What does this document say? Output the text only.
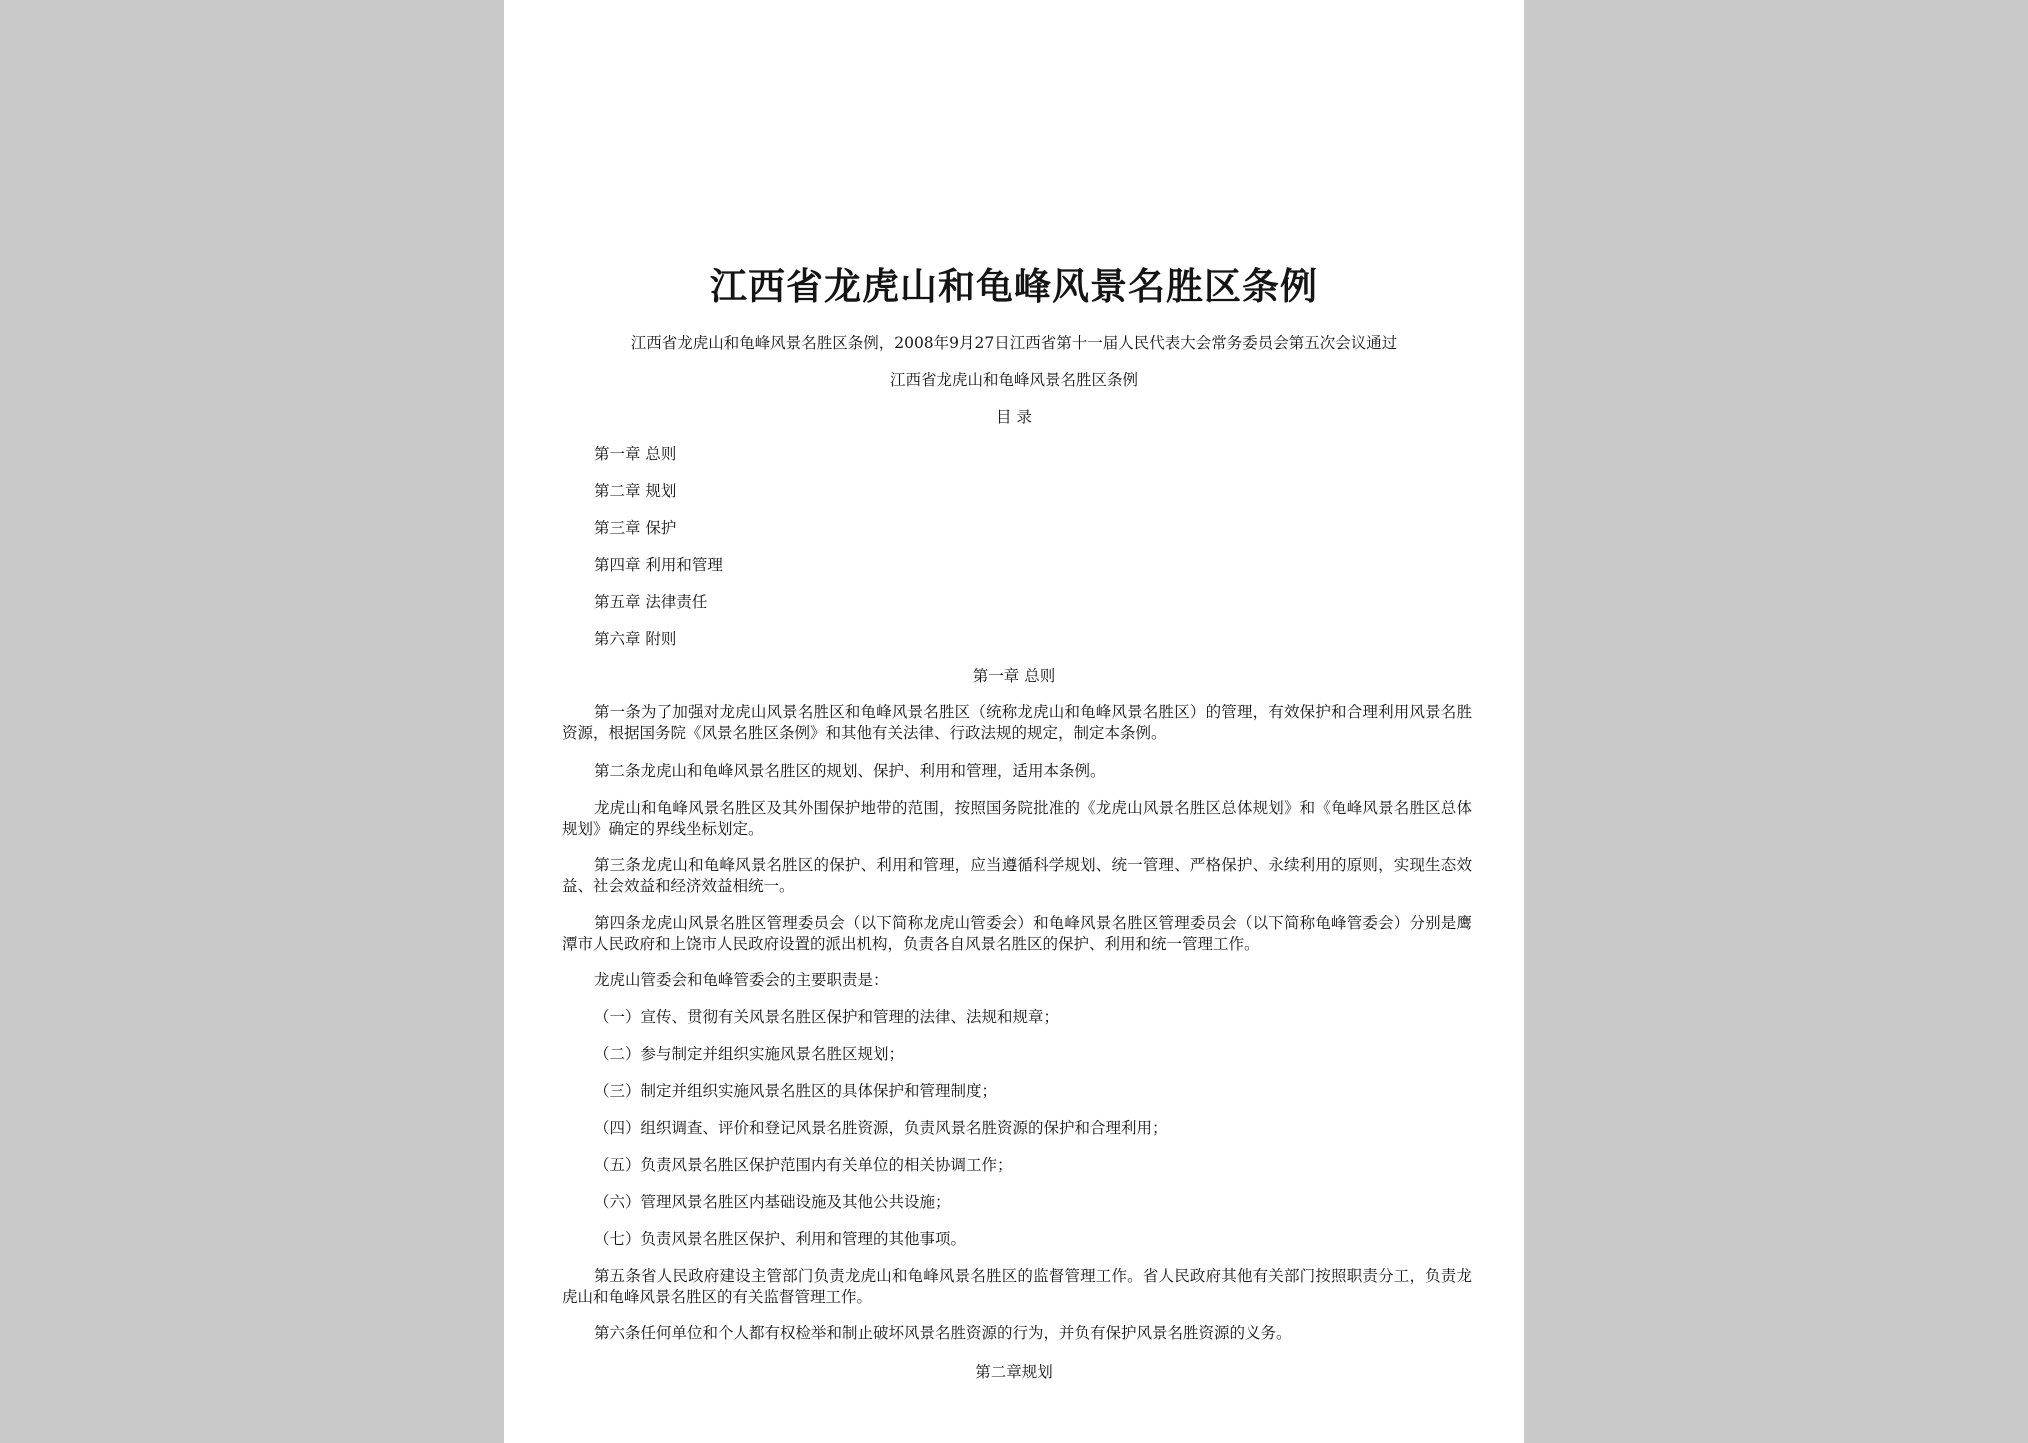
江西省龙虎山和龟峰风景名胜区条例
江西省龙虎山和龟峰风景名胜区条例，2008年9月27日江西省第十一届人民代表大会常务委员会第五次会议通过
江西省龙虎山和龟峰风景名胜区条例
目 录
第一章 总则
第二章 规划
第三章 保护
第四章 利用和管理
第五章 法律责任
第六章 附则
第一章 总则
第一条为了加强对龙虎山风景名胜区和龟峰风景名胜区（统称龙虎山和龟峰风景名胜区）的管理，有效保护和合理利用风景名胜资源，根据国务院《风景名胜区条例》和其他有关法律、行政法规的规定，制定本条例。
第二条龙虎山和龟峰风景名胜区的规划、保护、利用和管理，适用本条例。
龙虎山和龟峰风景名胜区及其外围保护地带的范围，按照国务院批准的《龙虎山风景名胜区总体规划》和《龟峰风景名胜区总体规划》确定的界线坐标划定。
第三条龙虎山和龟峰风景名胜区的保护、利用和管理，应当遵循科学规划、统一管理、严格保护、永续利用的原则，实现生态效益、社会效益和经济效益相统一。
第四条龙虎山风景名胜区管理委员会（以下简称龙虎山管委会）和龟峰风景名胜区管理委员会（以下简称龟峰管委会）分别是鹰潭市人民政府和上饶市人民政府设置的派出机构，负责各自风景名胜区的保护、利用和统一管理工作。
龙虎山管委会和龟峰管委会的主要职责是：
（一）宣传、贯彻有关风景名胜区保护和管理的法律、法规和规章；
（二）参与制定并组织实施风景名胜区规划；
（三）制定并组织实施风景名胜区的具体保护和管理制度；
（四）组织调查、评价和登记风景名胜资源，负责风景名胜资源的保护和合理利用；
（五）负责风景名胜区保护范围内有关单位的相关协调工作；
（六）管理风景名胜区内基础设施及其他公共设施；
（七）负责风景名胜区保护、利用和管理的其他事项。
第五条省人民政府建设主管部门负责龙虎山和龟峰风景名胜区的监督管理工作。省人民政府其他有关部门按照职责分工，负责龙虎山和龟峰风景名胜区的有关监督管理工作。
第六条任何单位和个人都有权检举和制止破坏风景名胜资源的行为，并负有保护风景名胜资源的义务。
第二章规划
